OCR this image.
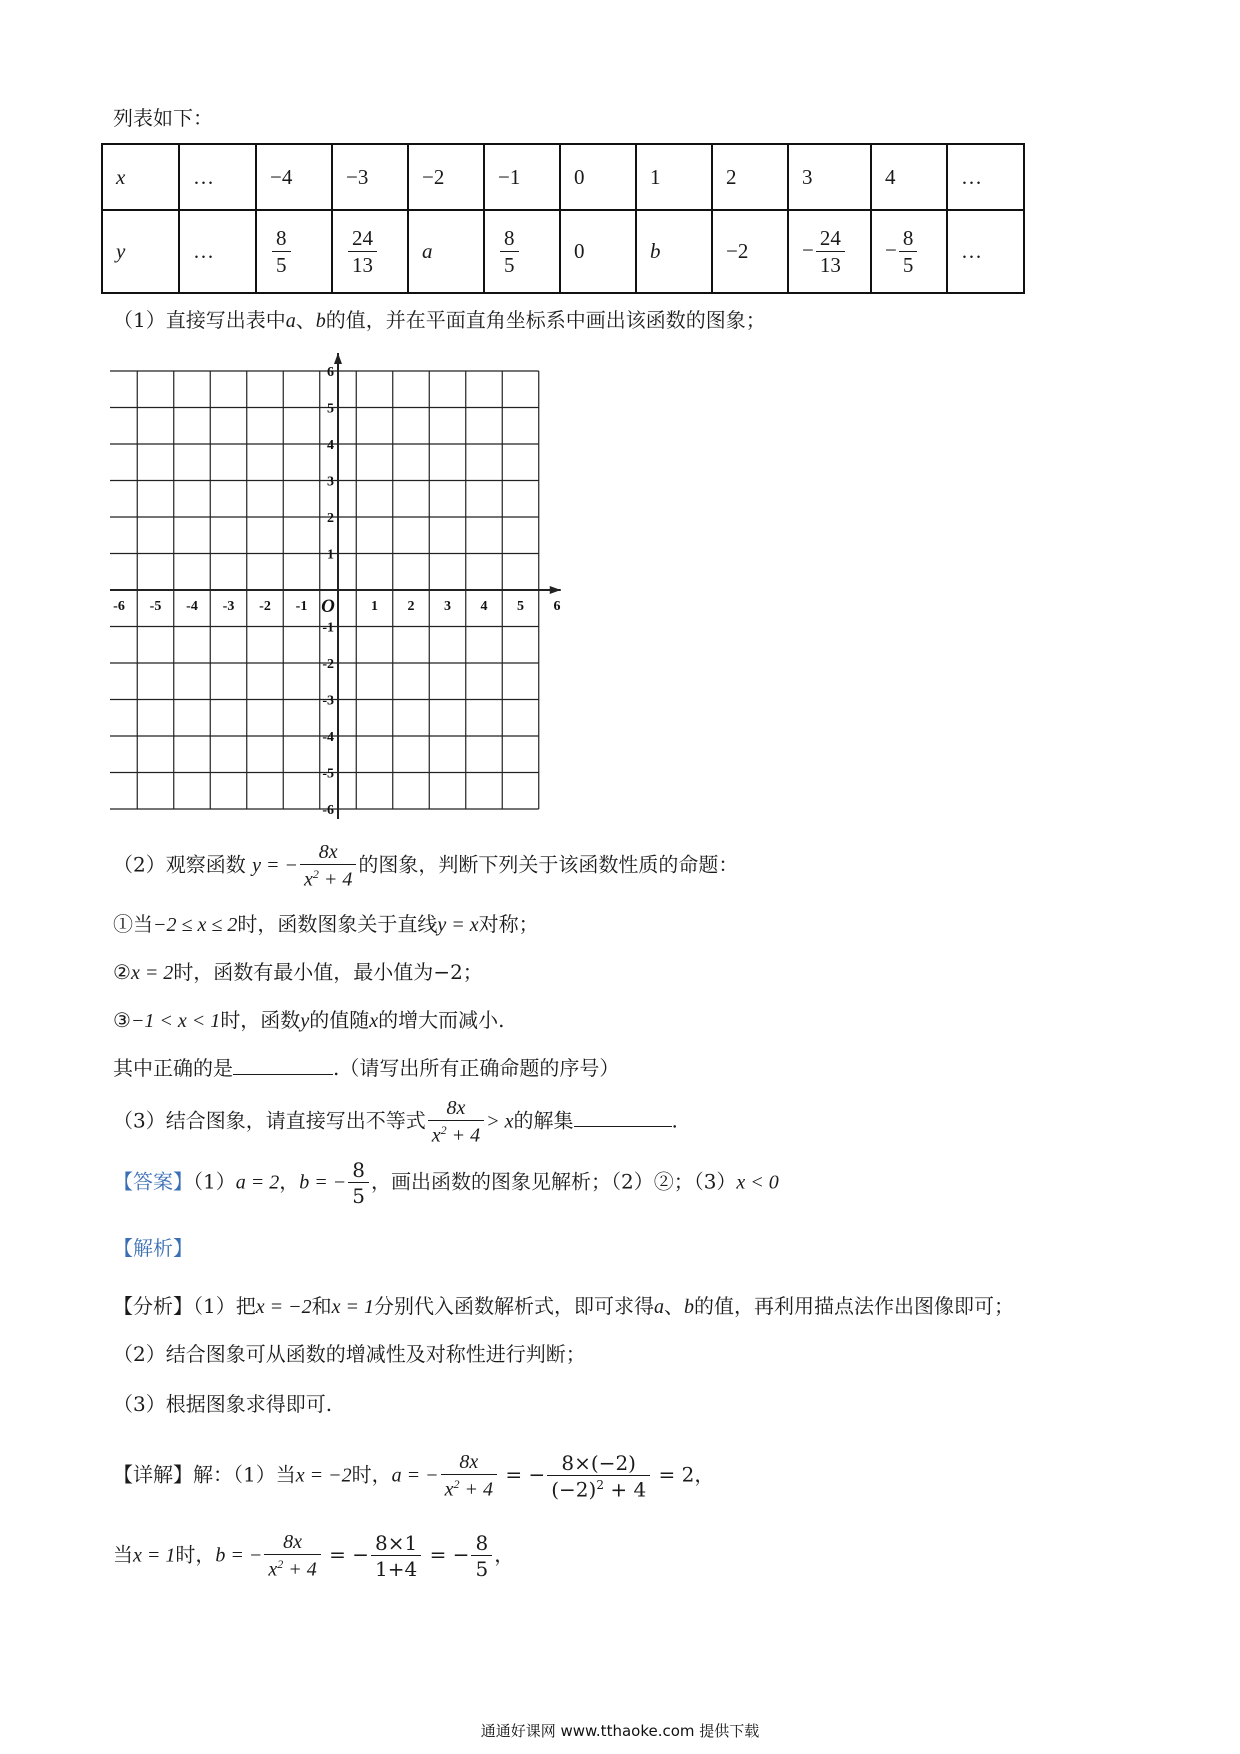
列表如下：
x	…	−4	−3	−2	−1	0	1	2	3	4	…
y	…	$\frac{8}{5}$	$\frac{24}{13}$	a	$\frac{8}{5}$	0	b	−2	− $\frac{24}{13}$	− $\frac{8}{5}$	…
（1）直接写出表中a、b的值，并在平面直角坐标系中画出该函数的图象；
-6 -5 -4 -3 -2 -1	1 2 3 4 5 6
6
5
4
3
2
1
-1
-2
-3
-4
-5
-6
O
（2）观察函数 y = − $\frac{8x}{x^2 + 4}$ 的图象，判断下列关于该函数性质的命题：
①当−2 ≤ x ≤ 2时，函数图象关于直线y = x对称；
②x = 2时，函数有最小值，最小值为−2；
③−1 < x < 1时，函数y的值随x的增大而减小.
其中正确的是	.（请写出所有正确命题的序号）
（3）结合图象，请直接写出不等式 $\frac{8x}{x^2 + 4} > x$的解集	.
【答案】（1）a = 2，b = − $\frac{8}{5}$ ，画出函数的图象见解析；（2）②；（3）x < 0
【解析】
【分析】（1）把x = −2和x = 1分别代入函数解析式，即可求得a、b的值，再利用描点法作出图像即可；
（2）结合图象可从函数的增减性及对称性进行判断；
（3）根据图象求得即可.
【详解】解：（1）当x = −2时，a = − $\frac{8x}{x^2 + 4}$ = − $\frac{8\times(-2)}{(-2)^2 + 4} = 2$，
当x = 1时，b = − $\frac{8x}{x^2 + 4}$ = − $\frac{8\times 1}{1+4}$ = − $\frac{8}{5}$ ，
通通好课网 www.tthaoke.com 提供下载
